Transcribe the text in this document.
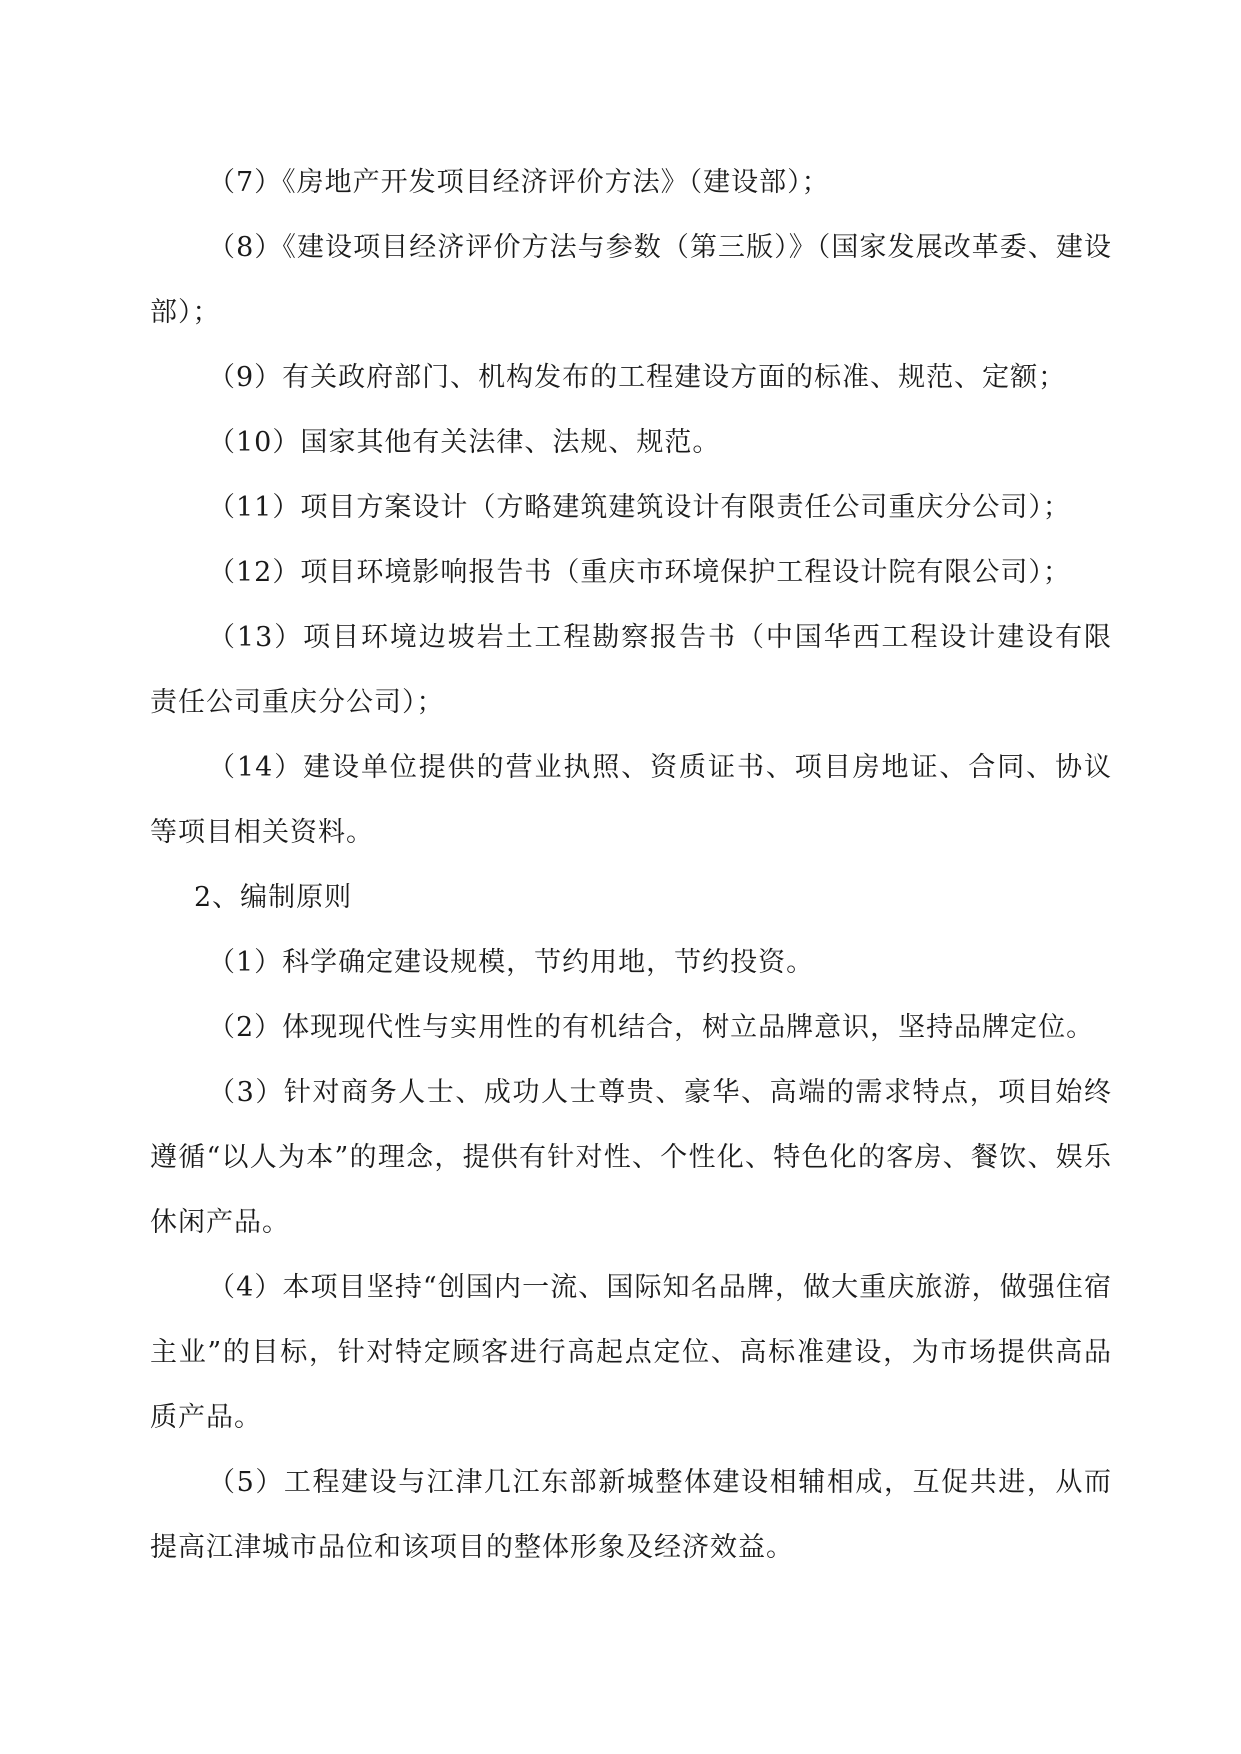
（7）《房地产开发项目经济评价方法》（建设部）；

（8）《建设项目经济评价方法与参数（第三版）》（国家发展改革委、建设部）；

（9）有关政府部门、机构发布的工程建设方面的标准、规范、定额；

（10）国家其他有关法律、法规、规范。

（11）项目方案设计（方略建筑建筑设计有限责任公司重庆分公司）；

（12）项目环境影响报告书（重庆市环境保护工程设计院有限公司）；

（13）项目环境边坡岩土工程勘察报告书（中国华西工程设计建设有限责任公司重庆分公司）；

（14）建设单位提供的营业执照、资质证书、项目房地证、合同、协议等项目相关资料。

2、编制原则

（1）科学确定建设规模，节约用地，节约投资。

（2）体现现代性与实用性的有机结合，树立品牌意识，坚持品牌定位。

（3）针对商务人士、成功人士尊贵、豪华、高端的需求特点，项目始终遵循“以人为本”的理念，提供有针对性、个性化、特色化的客房、餐饮、娱乐休闲产品。

（4）本项目坚持“创国内一流、国际知名品牌，做大重庆旅游，做强住宿主业”的目标，针对特定顾客进行高起点定位、高标准建设，为市场提供高品质产品。

（5）工程建设与江津几江东部新城整体建设相辅相成，互促共进，从而提高江津城市品位和该项目的整体形象及经济效益。
